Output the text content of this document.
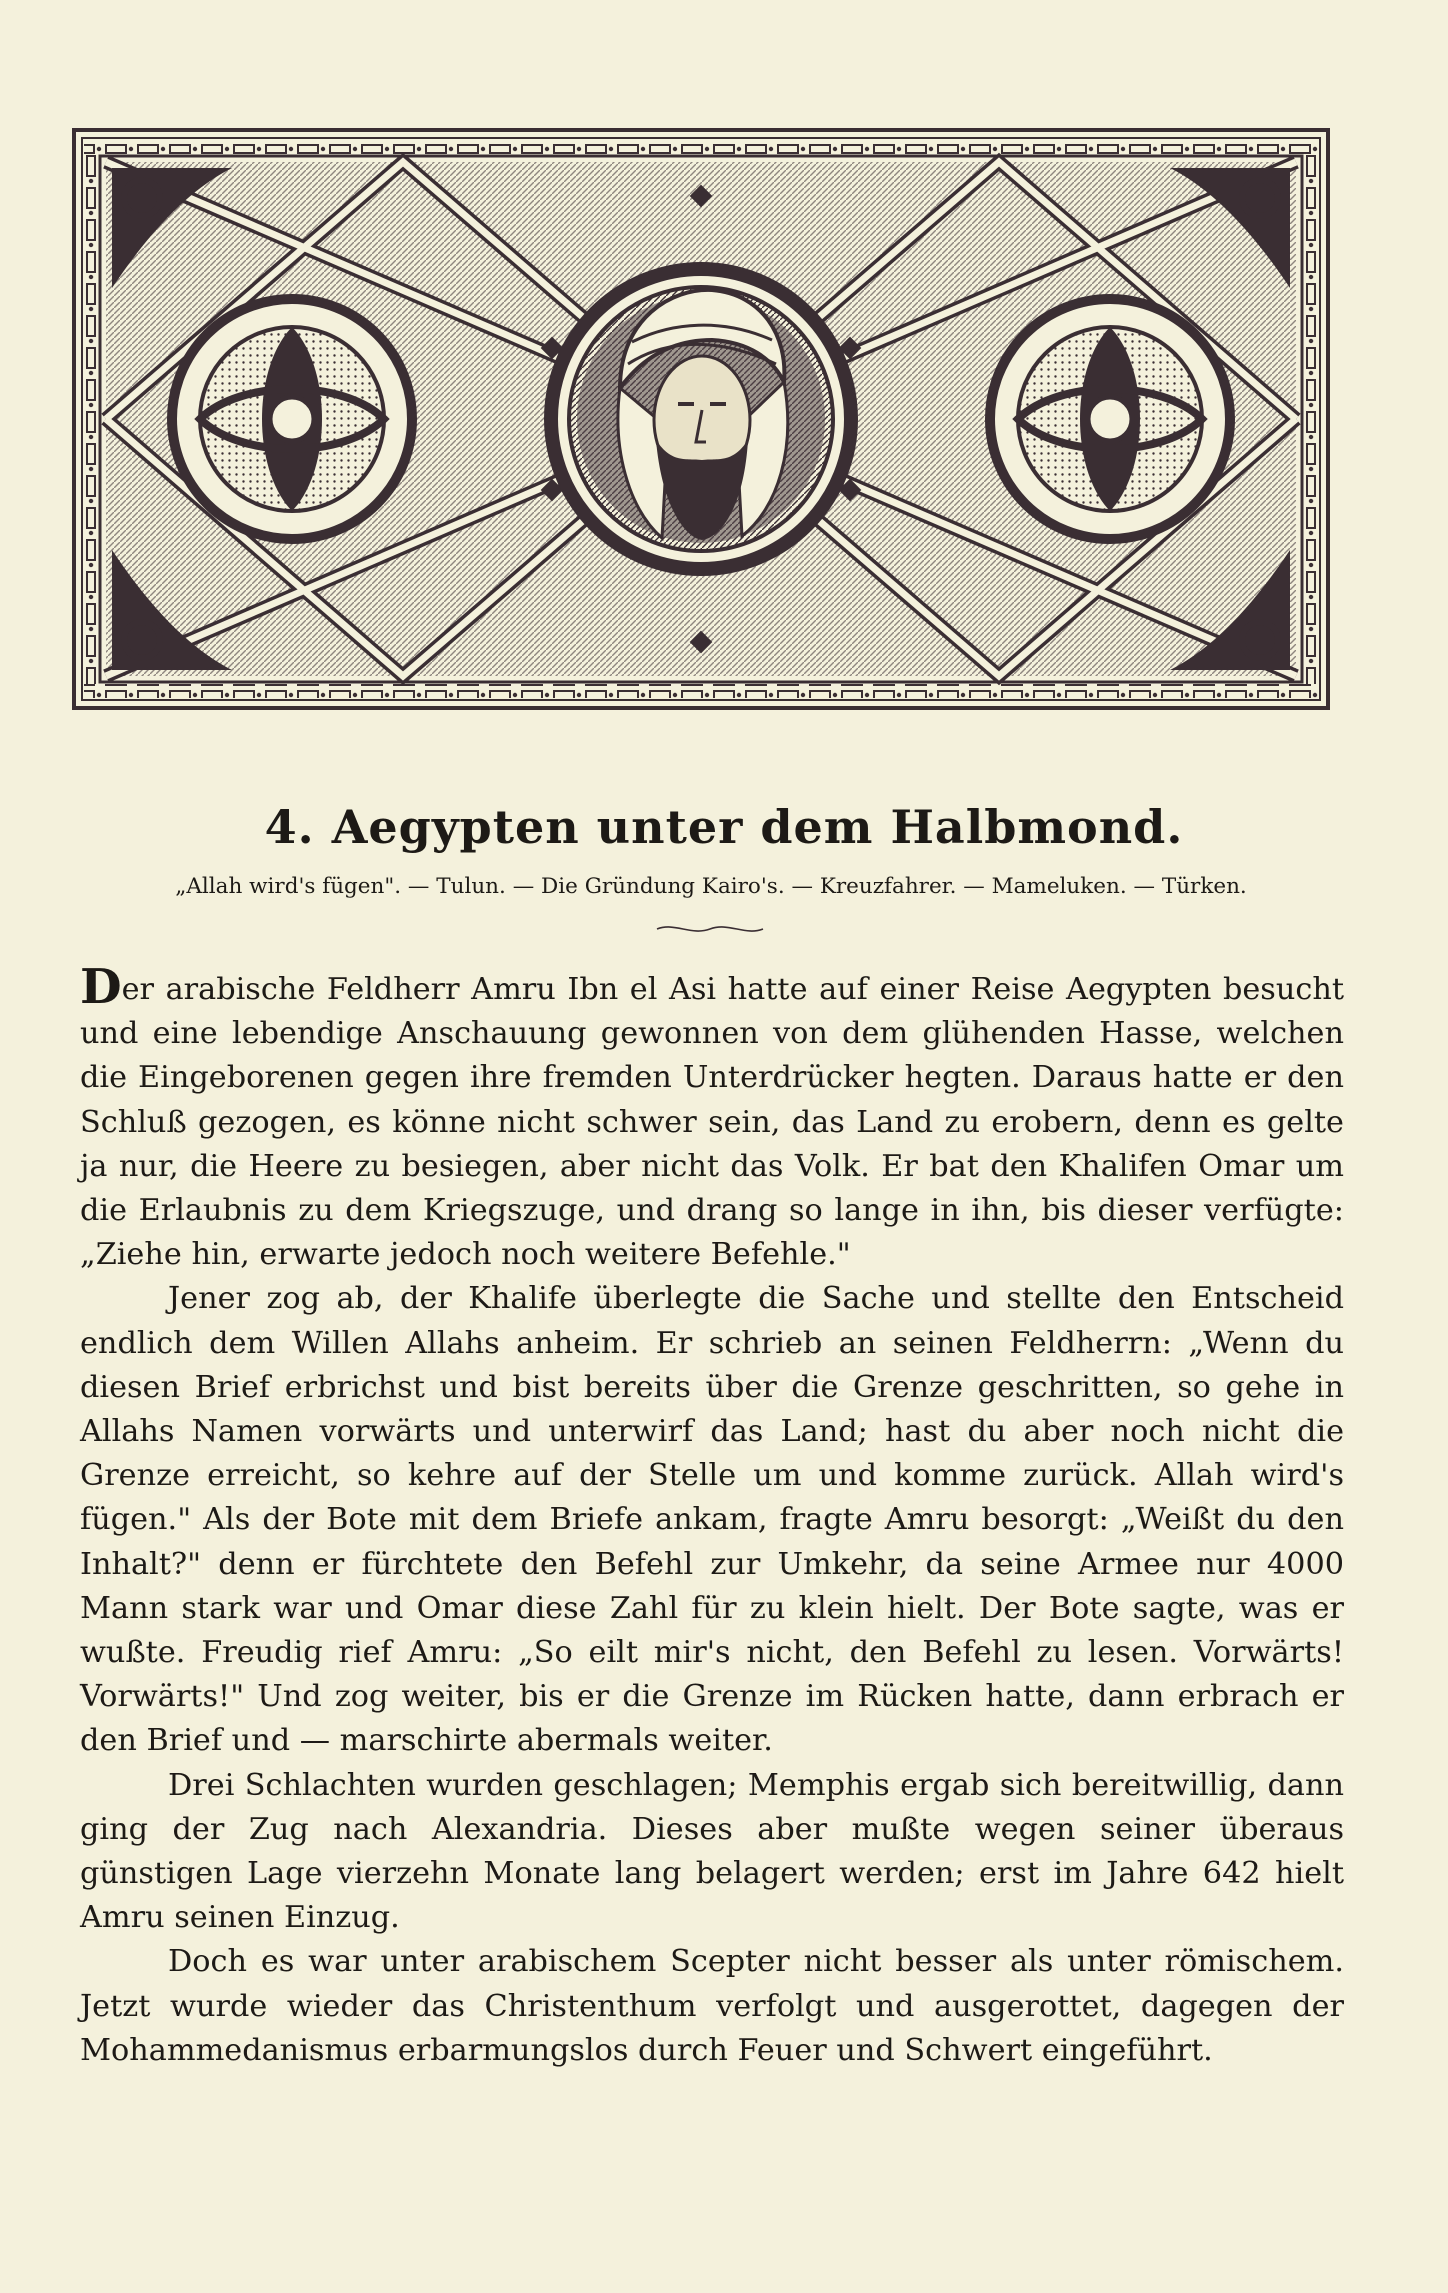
4. Aegypten unter dem Halbmond.
„Allah wird's fügen". — Tulun. — Die Gründung Kairo's. — Kreuzfahrer. — Mameluken. — Türken.

Der arabische Feldherr Amru Ibn el Asi hatte auf einer Reise Aegypten besucht und eine lebendige Anschauung gewonnen von dem glühenden Hasse, welchen die Eingeborenen gegen ihre fremden Unterdrücker hegten. Daraus hatte er den Schluß gezogen, es könne nicht schwer sein, das Land zu erobern, denn es gelte ja nur, die Heere zu besiegen, aber nicht das Volk. Er bat den Khalifen Omar um die Erlaubnis zu dem Kriegszuge, und drang so lange in ihn, bis dieser verfügte: „Ziehe hin, erwarte jedoch noch weitere Befehle."

Jener zog ab, der Khalife überlegte die Sache und stellte den Entscheid endlich dem Willen Allahs anheim. Er schrieb an seinen Feldherrn: „Wenn du diesen Brief erbrichst und bist bereits über die Grenze geschritten, so gehe in Allahs Namen vorwärts und unterwirf das Land; hast du aber noch nicht die Grenze erreicht, so kehre auf der Stelle um und komme zurück. Allah wird's fügen." Als der Bote mit dem Briefe ankam, fragte Amru besorgt: „Weißt du den Inhalt?" denn er fürchtete den Befehl zur Umkehr, da seine Armee nur 4000 Mann stark war und Omar diese Zahl für zu klein hielt. Der Bote sagte, was er wußte. Freudig rief Amru: „So eilt mir's nicht, den Befehl zu lesen. Vorwärts! Vorwärts!" Und zog weiter, bis er die Grenze im Rücken hatte, dann erbrach er den Brief und — marschirte abermals weiter.

Drei Schlachten wurden geschlagen; Memphis ergab sich bereitwillig, dann ging der Zug nach Alexandria. Dieses aber mußte wegen seiner überaus günstigen Lage vierzehn Monate lang belagert werden; erst im Jahre 642 hielt Amru seinen Einzug.

Doch es war unter arabischem Scepter nicht besser als unter römischem. Jetzt wurde wieder das Christenthum verfolgt und ausgerottet, dagegen der Mohammedanismus erbarmungslos durch Feuer und Schwert eingeführt.
